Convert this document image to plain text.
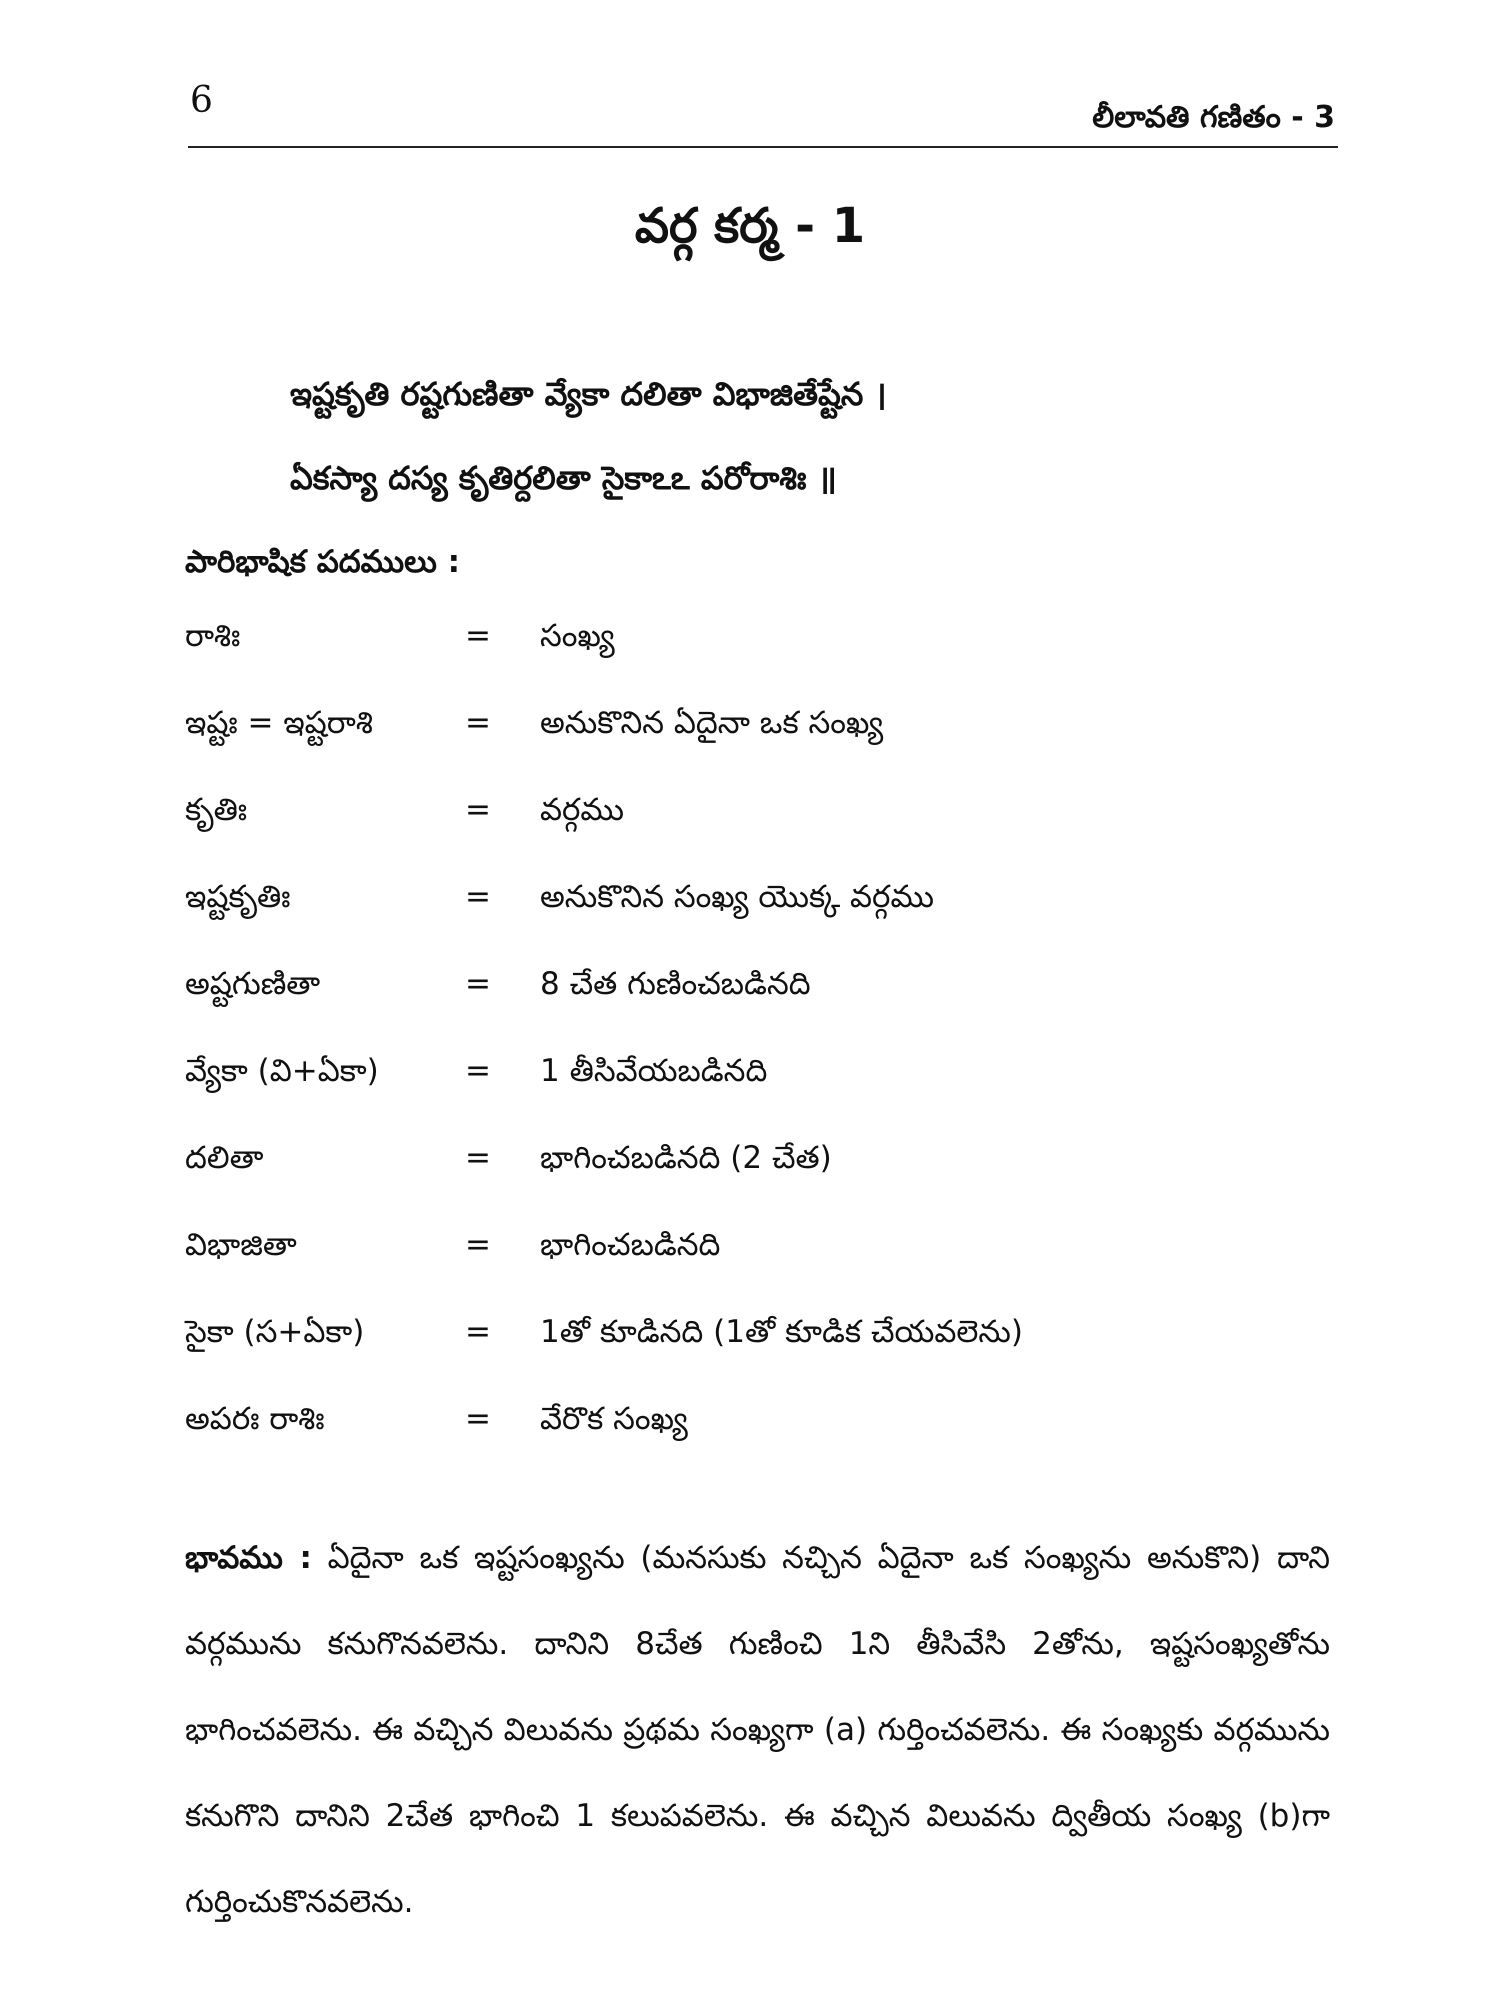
6	లీలావతి గణితం - 3
వర్గ కర్మ - 1
ఇష్టకృతి రష్టగుణితా వ్యేకా దలితా విభాజితేష్టేన ।
ఏకస్యా దస్య కృతిర్దలితా సైకాఽఽ పరోరాశిః ॥
పారిభాషిక పదములు :
రాశిః	=	సంఖ్య
ఇష్టః = ఇష్టరాశి	=	అనుకొనిన ఏదైనా ఒక సంఖ్య
కృతిః	=	వర్గము
ఇష్టకృతిః	=	అనుకొనిన సంఖ్య యొక్క వర్గము
అష్టగుణితా	=	8 చేత గుణించబడినది
వ్యేకా (వి+ఏకా)	=	1 తీసివేయబడినది
దలితా	=	భాగించబడినది (2 చేత)
విభాజితా	=	భాగించబడినది
సైకా (స+ఏకా)	=	1తో కూడినది (1తో కూడిక చేయవలెను)
అపరః రాశిః	=	వేరొక సంఖ్య
భావము : ఏదైనా ఒక ఇష్టసంఖ్యను (మనసుకు నచ్చిన ఏదైనా ఒక సంఖ్యను అనుకొని) దాని వర్గమును కనుగొనవలెను. దానిని 8చేత గుణించి 1ని తీసివేసి 2తోను, ఇష్టసంఖ్యతోను భాగించవలెను. ఈ వచ్చిన విలువను ప్రథమ సంఖ్యగా (a) గుర్తించవలెను. ఈ సంఖ్యకు వర్గమును కనుగొని దానిని 2చేత భాగించి 1 కలుపవలెను. ఈ వచ్చిన విలువను ద్వితీయ సంఖ్య (b)గా గుర్తించుకొనవలెను.
